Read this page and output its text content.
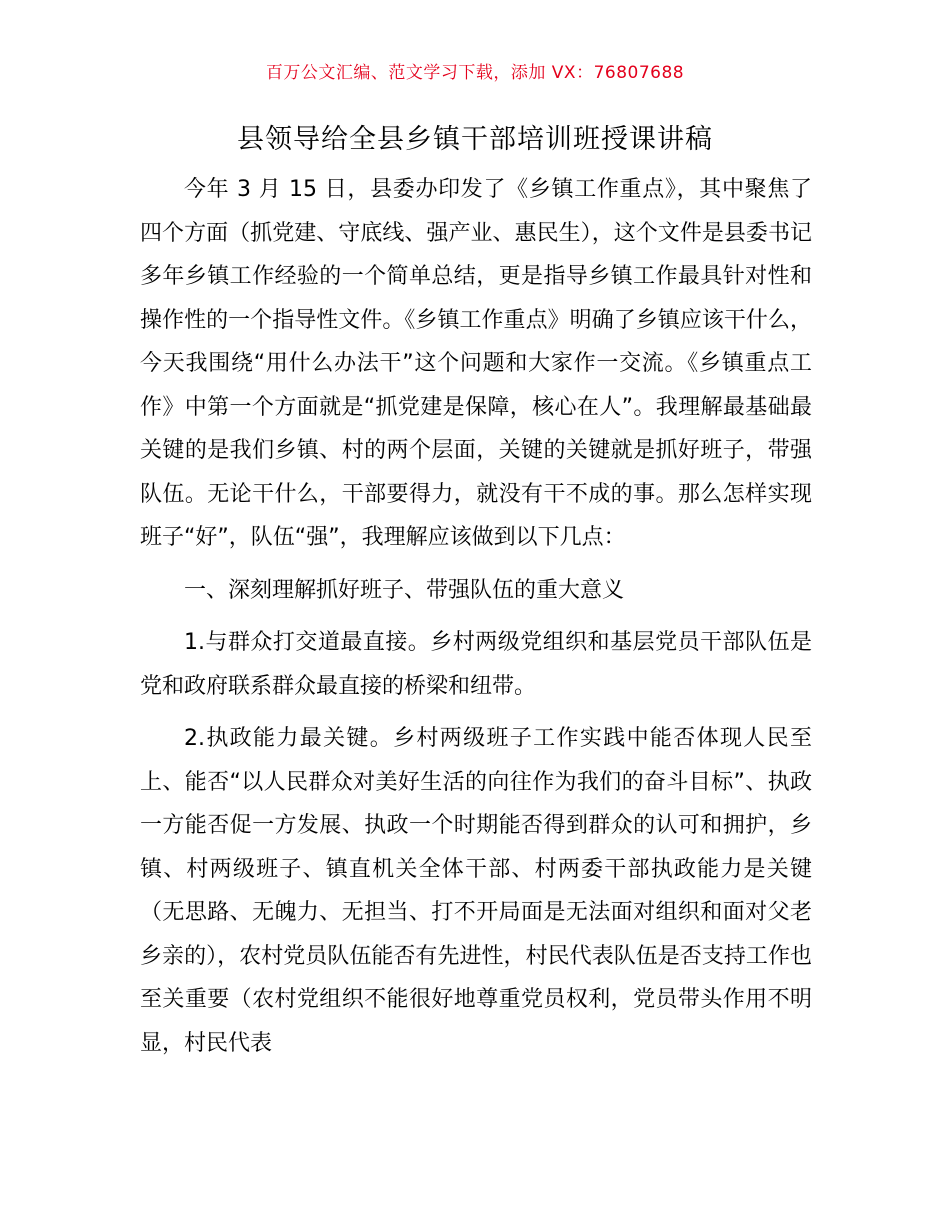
百万公文汇编、范文学习下载，添加 VX：76807688
县领导给全县乡镇干部培训班授课讲稿

今年 3 月 15 日，县委办印发了《乡镇工作重点》，其中聚焦了四个方面（抓党建、守底线、强产业、惠民生），这个文件是县委书记多年乡镇工作经验的一个简单总结，更是指导乡镇工作最具针对性和操作性的一个指导性文件。《乡镇工作重点》明确了乡镇应该干什么，今天我围绕“用什么办法干”这个问题和大家作一交流。《乡镇重点工作》中第一个方面就是“抓党建是保障，核心在人”。我理解最基础最关键的是我们乡镇、村的两个层面，关键的关键就是抓好班子，带强队伍。无论干什么，干部要得力，就没有干不成的事。那么怎样实现班子“好”，队伍“强”，我理解应该做到以下几点：

一、深刻理解抓好班子、带强队伍的重大意义

1.与群众打交道最直接。乡村两级党组织和基层党员干部队伍是党和政府联系群众最直接的桥梁和纽带。

2.执政能力最关键。乡村两级班子工作实践中能否体现人民至上、能否“以人民群众对美好生活的向往作为我们的奋斗目标”、执政一方能否促一方发展、执政一个时期能否得到群众的认可和拥护，乡镇、村两级班子、镇直机关全体干部、村两委干部执政能力是关键（无思路、无魄力、无担当、打不开局面是无法面对组织和面对父老乡亲的），农村党员队伍能否有先进性，村民代表队伍是否支持工作也至关重要（农村党组织不能很好地尊重党员权利，党员带头作用不明显，村民代表
